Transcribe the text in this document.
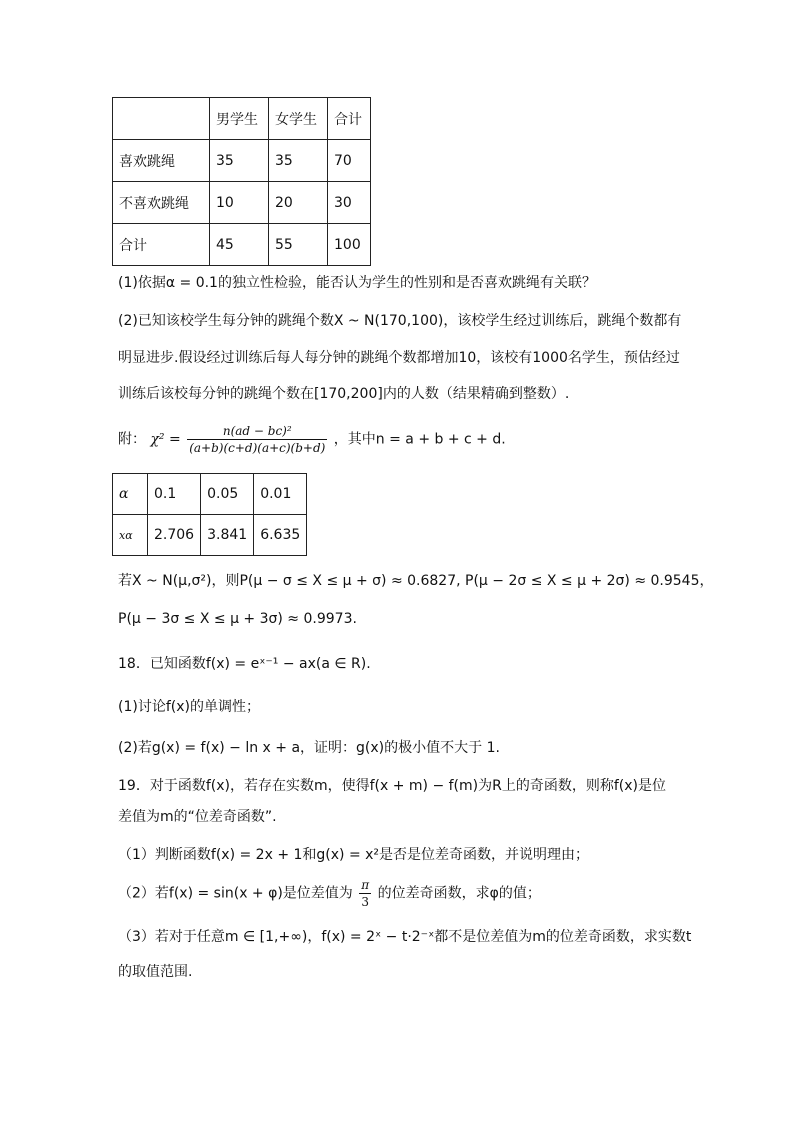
	男学生	女学生	合计
喜欢跳绳	35	35	70
不喜欢跳绳	10	20	30
合计	45	55	100
(1)依据α = 0.1的独立性检验，能否认为学生的性别和是否喜欢跳绳有关联？
(2)已知该校学生每分钟的跳绳个数X ~ N(170,100)，该校学生经过训练后，跳绳个数都有
明显进步.假设经过训练后每人每分钟的跳绳个数都增加10，该校有1000名学生，预估经过
训练后该校每分钟的跳绳个数在[170,200]内的人数（结果精确到整数）.
附： $\chi^2 = \frac{\text{n(ad − bc)²}}{(a+b)(c+d)(a+c)(b+d)}$ ，其中n = a + b + c + d.
α	0.1	0.05	0.01
xα	2.706	3.841	6.635
若X ~ N(μ,σ²)，则P(μ − σ ≤ X ≤ μ + σ) ≈ 0.6827, P(μ − 2σ ≤ X ≤ μ + 2σ) ≈ 0.9545，
P(μ − 3σ ≤ X ≤ μ + 3σ) ≈ 0.9973.
18．已知函数f(x) = eˣ⁻¹ − ax(a ∈ R).
(1)讨论f(x)的单调性；
(2)若g(x) = f(x) − ln x + a，证明：g(x)的极小值不大于 1.
19．对于函数f(x)，若存在实数m，使得f(x + m) − f(m)为R上的奇函数，则称f(x)是位
差值为m的“位差奇函数”.
（1）判断函数f(x) = 2x + 1和g(x) = x²是否是位差奇函数，并说明理由；
（2）若f(x) = sin(x + φ)是位差值为 $\frac{\pi}{3}$ 的位差奇函数，求φ的值；
（3）若对于任意m ∈ [1,+∞)，f(x) = 2ˣ − t·2⁻ˣ都不是位差值为m的位差奇函数，求实数t
的取值范围.
